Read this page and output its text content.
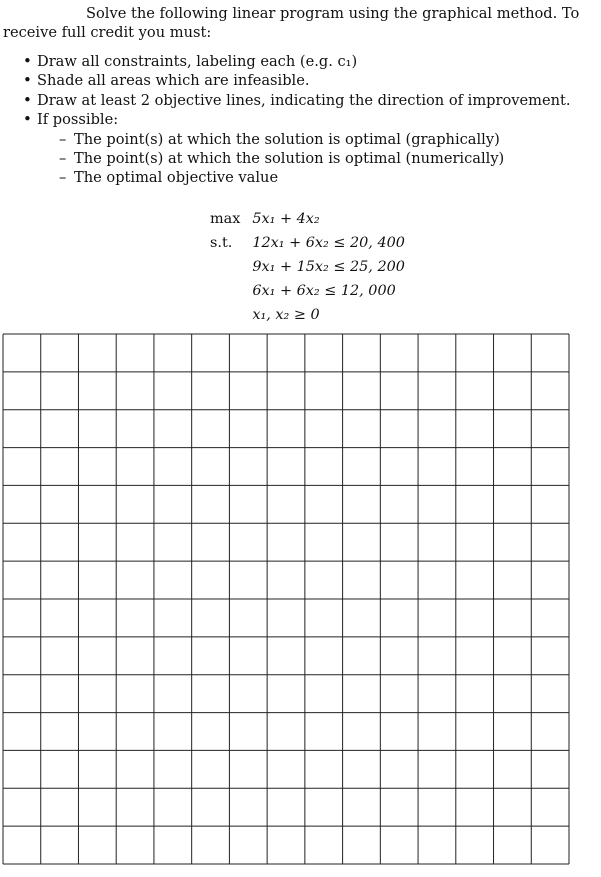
Solve the following linear program using the graphical method. To receive full credit you must:

• Draw all constraints, labeling each (e.g. c₁)
• Shade all areas which are infeasible.
• Draw at least 2 objective lines, indicating the direction of improvement.
• If possible:
– The point(s) at which the solution is optimal (graphically)
– The point(s) at which the solution is optimal (numerically)
– The optimal objective value
max	5x₁ + 4x₂
s.t.	12x₁ + 6x₂ ≤ 20, 400
	9x₁ + 15x₂ ≤ 25, 200
	6x₁ + 6x₂ ≤ 12, 000
	x₁, x₂ ≥ 0
